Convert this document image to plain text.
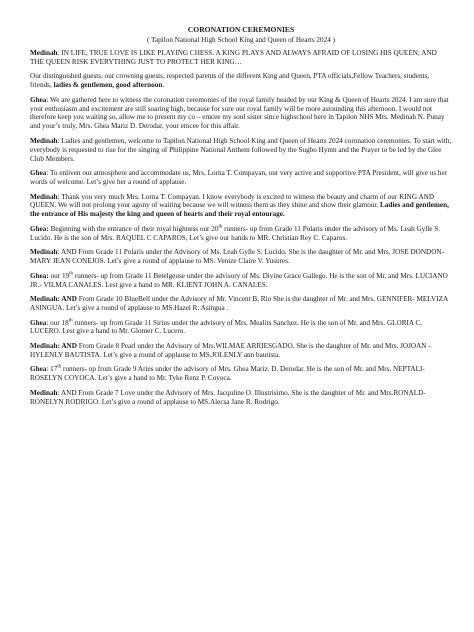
CORONATION CEREMONIES

( Tapilon National High School King and Queen of Hearts 2024 )

Medinah: IN LIFE, TRUE LOVE IS LIKE PLAYING CHESS. A KING PLAYS AND ALWAYS AFRAID OF LOSING HIS QUEEN; AND THE QUEEN RISK EVERYTHING JUST TO PROTECT HER KING…

Our distinguished guests, our crowning guests, respected parents of the different King and Queen, PTA officials,Fellow Teachers, students, friends, ladies & gentlemen, good afternoon.

Ghea: We are gathered here to witness the coronation ceremonies of the royal family headed by our King & Queen of Hearts 2024. I am sure that your enthusiasm and excitement are still soaring high, because for sure our royal family will be more astounding this afternoon. I would not therefore keep you waiting so, allow me to present my co – emcee my soul sister since highschool here in Tapilon NHS Mrs. Medinah N. Punay and your’s truly, Mrs. Ghea Mariz D. Derodar, your emcee for this affair.

Medinah: Ladies and gentlemen, welcome to Tapilon National High School King and Queen of Hearts 2024 coronation ceremonies. To start with, everybody is requested to rise for the singing of Philippine National Anthem followed by the Sugbo Hymn and the Prayer to be led by the Glee Club Members.

Ghea: To enliven our atmosphere and accommodate us, Mrs. Lorna T. Compayan, our very active and supportive PTA President, will give us her words of welcome. Let’s give her a round of applause.

Medinah: Thank you very much Mrs. Lorna T. Compayan. I know everybody is excited to witness the beauty and charm of our KING AND QUEEN. We will not prolong your agony of waiting because we will witness them as they shine and show their glamour. Ladies and gentlemen, the entrance of His majesty the king and queen of hearts and their royal entourage.

Ghea: Beginning with the entrance of their royal highness our 20th runners- up from Grade 11 Polaris under the advisory of Ms. Leah Gylle S. Lucido. He is the son of Mrs. RAQUEL C CAPAROS, Let’s give our hands to MR. Christian Rey C. Caparos.

Medinah: AND From Grade 11 Polaris under the Advisory of Ms. Leah Gylle S. Lucido. She is the daughter of Mr. and Mrs. JOSE DONDON- MARY JEAN CONEJOS. Let’s give a round of applause to MS. Venize Claire V. Yusures.

Ghea: our 19th runners- up from Grade 11 Betelgeuse under the advisory of Ms. Divine Grace Gallego. He is the son of Mr. and Mrs. LUCIANO JR.- VILMA CANALES. Lest give a hand to MR. KLIENT JOHN A. CANALES.

Medinah: AND From Grade 10 BlueBell under the Advisory of Mr. Vincent B. Rio She is the daughter of Mr. and Mrs. GENNIFER- MELVIZA ASINGUA. Let’s give a round of applause to MS.Hazel R. Asingua .

Ghea: our 18th runners- up from Grade 11 Sirius under the advisory of Mrs. Mealits Sanchez. He is the son of Mr. and Mrs. GLORIA C. LUCERO. Lest give a hand to Mr. Glomer C. Lucero.

Medinah: AND From Grade 8 Pearl under the Advisory of Mrs.WILMAE ARRIESGADO. She is the daughter of Mr. and Mrs. JOJOAN -HYLENLY BAUTISTA. Let’s give a round of applause to MS.JOLENLY ann bautista.

Ghea: 17th runners- up from Grade 9 Aries under the advisory of Mrs. Ghea Mariz. D. Derodar. He is the son of Mr. and Mrs. NEPTALI- ROSELYN COYOCA. Let’s give a hand to Mr. Tyke Renz P. Coyoca.

Medinah: AND From Grade 7 Love under the Advisory of Mrs. Jacquline O. Illustrisimo. She is the daughter of Mr. and Mrs.RONALD- RONELYN RODRIGO. Let’s give a round of applause to MS.Alecsa Jane R. Rodrigo.
